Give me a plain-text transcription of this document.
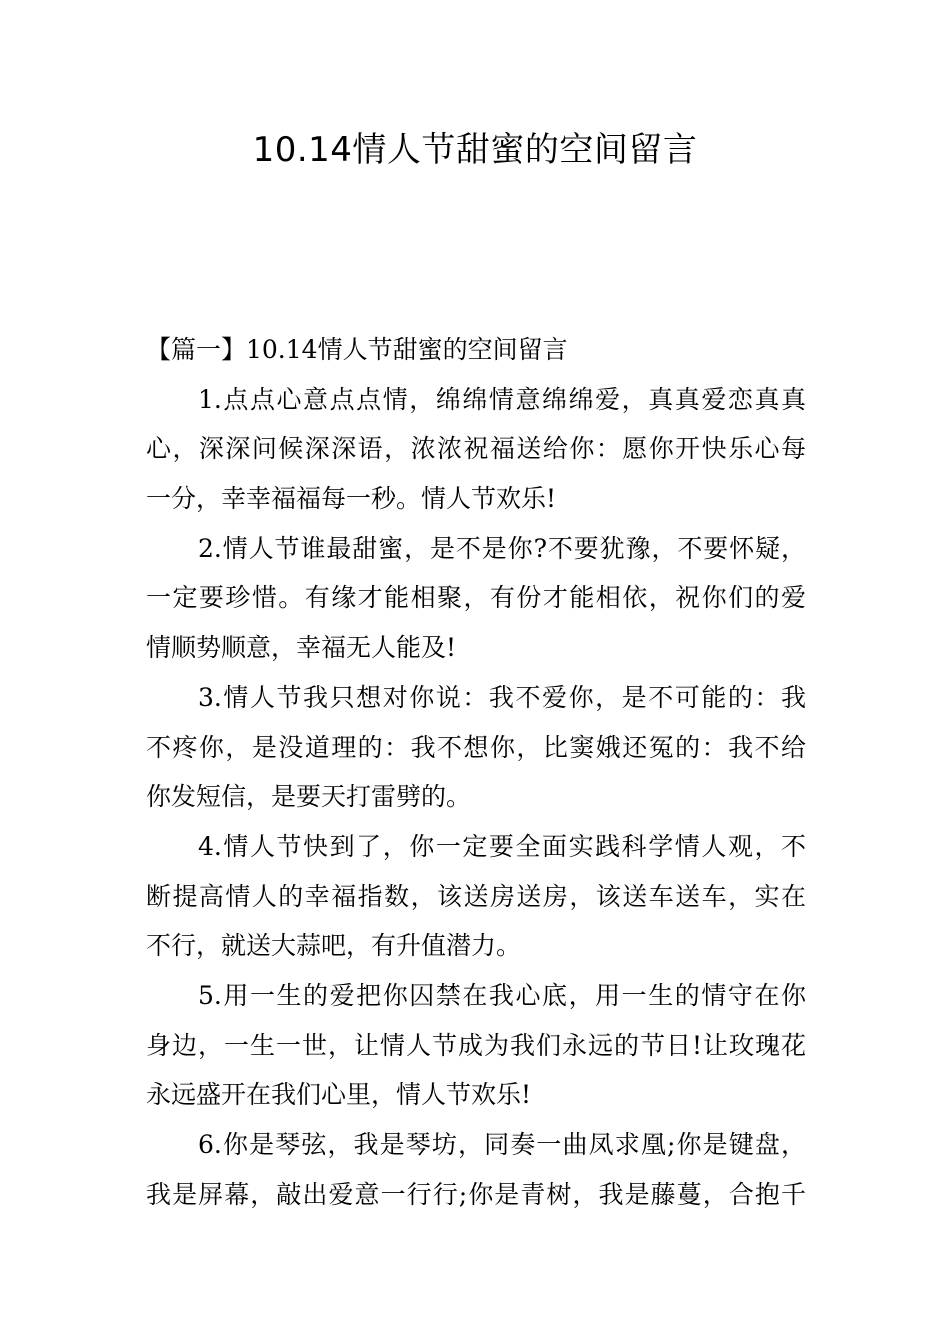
10.14情人节甜蜜的空间留言
【篇一】10.14情人节甜蜜的空间留言
1.点点心意点点情，绵绵情意绵绵爱，真真爱恋真真
心，深深问候深深语，浓浓祝福送给你：愿你开快乐心每
一分，幸幸福福每一秒。情人节欢乐!
2.情人节谁最甜蜜，是不是你?不要犹豫，不要怀疑，
一定要珍惜。有缘才能相聚，有份才能相依，祝你们的爱
情顺势顺意，幸福无人能及!
3.情人节我只想对你说：我不爱你，是不可能的：我
不疼你，是没道理的：我不想你，比窦娥还冤的：我不给
你发短信，是要天打雷劈的。
4.情人节快到了，你一定要全面实践科学情人观，不
断提高情人的幸福指数，该送房送房，该送车送车，实在
不行，就送大蒜吧，有升值潜力。
5.用一生的爱把你囚禁在我心底，用一生的情守在你
身边，一生一世，让情人节成为我们永远的节日!让玫瑰花
永远盛开在我们心里，情人节欢乐!
6.你是琴弦，我是琴坊，同奏一曲凤求凰;你是键盘，
我是屏幕，敲出爱意一行行;你是青树，我是藤蔓，合抱千
